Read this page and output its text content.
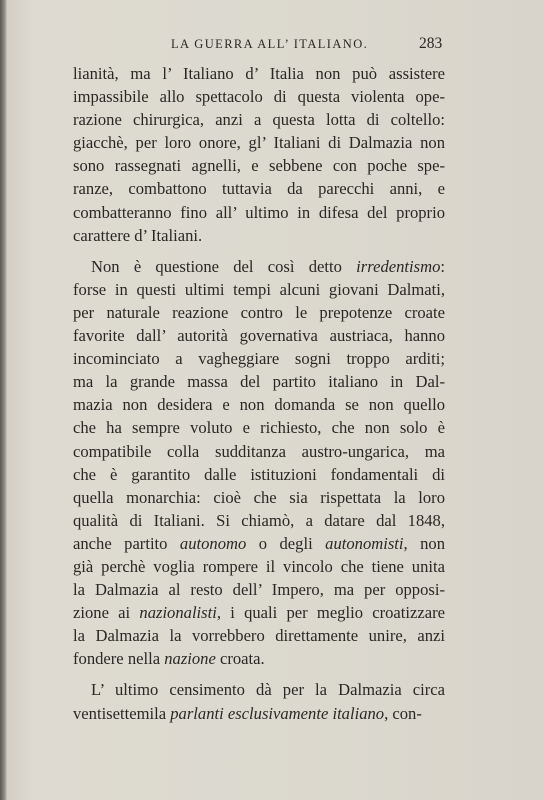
LA GUERRA ALL’ ITALIANO.	283
lianità, ma l’ Italiano d’ Italia non può assistere
impassibile allo spettacolo di questa violenta ope-
razione chirurgica, anzi a questa lotta di coltello:
giacchè, per loro onore, gl’ Italiani di Dalmazia non
sono rassegnati agnelli, e sebbene con poche spe-
ranze, combattono tuttavia da parecchi anni, e
combatteranno fino all’ ultimo in difesa del proprio
carattere d’ Italiani.
Non è questione del così detto irredentismo:
forse in questi ultimi tempi alcuni giovani Dalmati,
per naturale reazione contro le prepotenze croate
favorite dall’ autorità governativa austriaca, hanno
incominciato a vagheggiare sogni troppo arditi;
ma la grande massa del partito italiano in Dal-
mazia non desidera e non domanda se non quello
che ha sempre voluto e richiesto, che non solo è
compatibile colla sudditanza austro-ungarica, ma
che è garantito dalle istituzioni fondamentali di
quella monarchia: cioè che sia rispettata la loro
qualità di Italiani. Si chiamò, a datare dal 1848,
anche partito autonomo o degli autonomisti, non
già perchè voglia rompere il vincolo che tiene unita
la Dalmazia al resto dell’ Impero, ma per opposi-
zione ai nazionalisti, i quali per meglio croatizzare
la Dalmazia la vorrebbero direttamente unire, anzi
fondere nella nazione croata.
L’ ultimo censimento dà per la Dalmazia circa
ventisettemila parlanti esclusivamente italiano, con-
